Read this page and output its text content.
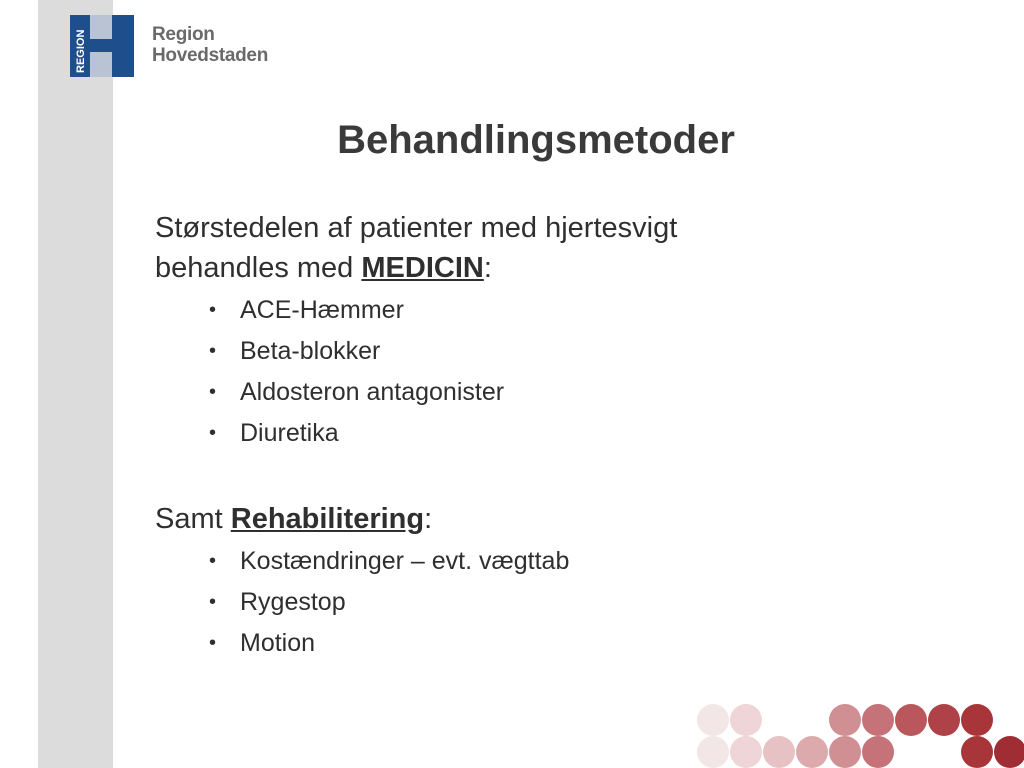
REGION	Region
Hovedstaden
Behandlingsmetoder

Størstedelen af patienter med hjertesvigt
behandles med MEDICIN:

• ACE-Hæmmer
• Beta-blokker
• Aldosteron antagonister
• Diuretika

Samt Rehabilitering:

• Kostændringer – evt. vægttab
• Rygestop
• Motion
